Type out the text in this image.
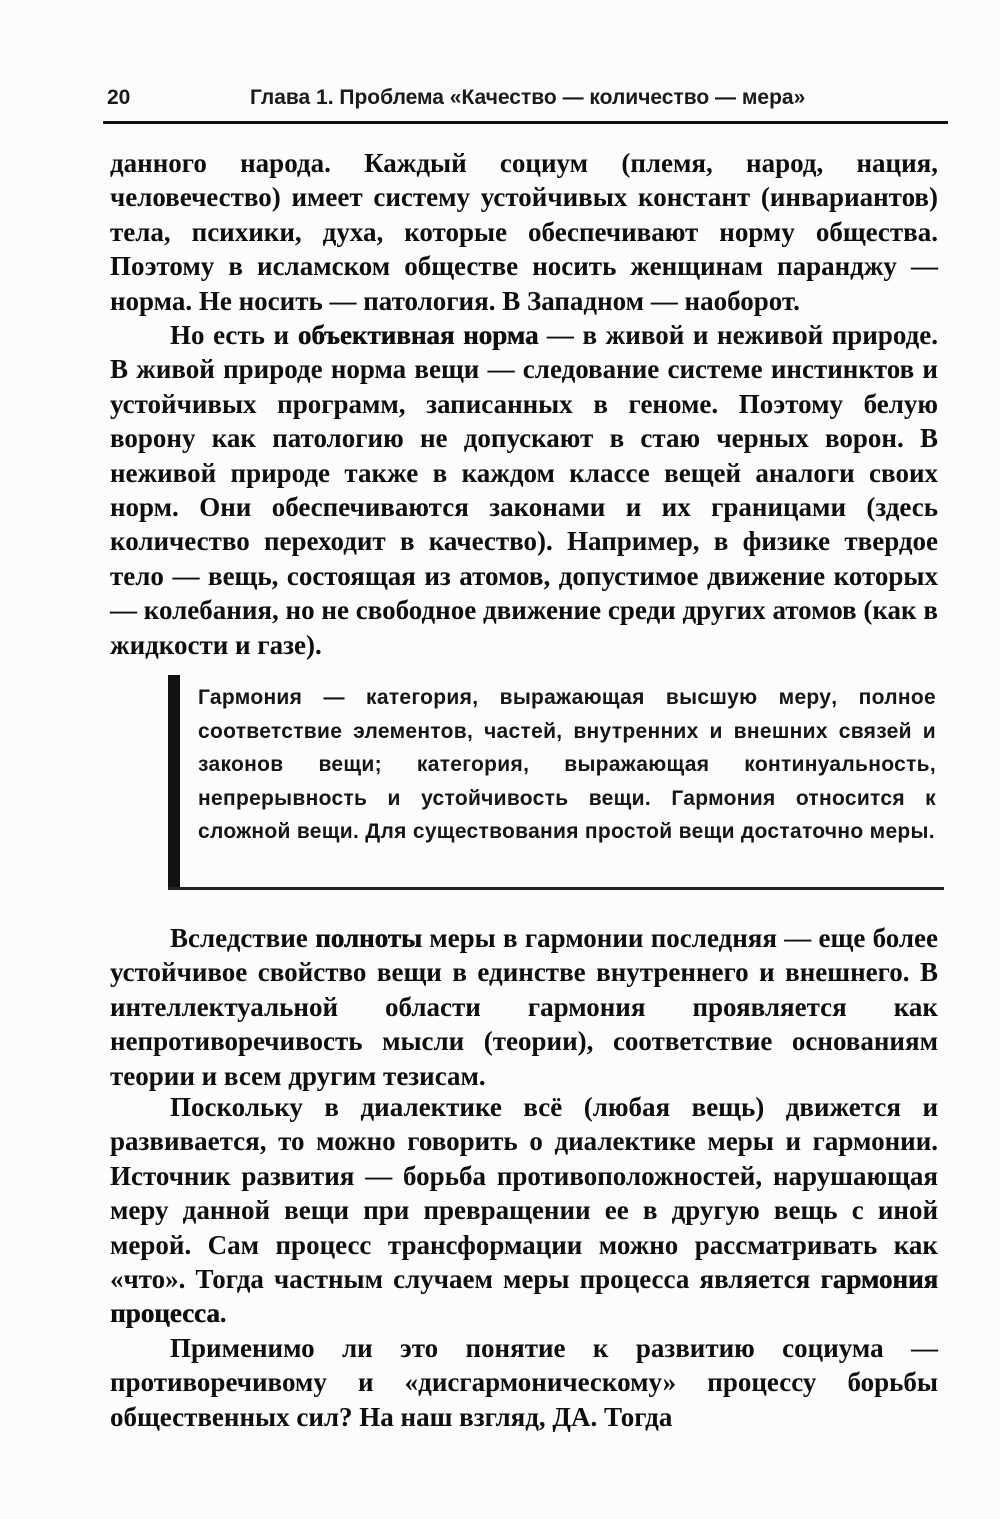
20	Глава 1. Проблема «Качество — количество — мера»

данного народа. Каждый социум (племя, народ, нация, человечество) имеет систему устойчивых констант (инвариантов) тела, психики, духа, которые обеспечивают норму общества. Поэтому в исламском обществе носить женщинам паранджу — норма. Не носить — патология. В Западном — наоборот.

Но есть и объективная норма — в живой и неживой природе. В живой природе норма вещи — следование системе инстинктов и устойчивых программ, записанных в геноме. Поэтому белую ворону как патологию не допускают в стаю черных ворон. В неживой природе также в каждом классе вещей аналоги своих норм. Они обеспечиваются законами и их границами (здесь количество переходит в качество). Например, в физике твердое тело — вещь, состоящая из атомов, допустимое движение которых — колебания, но не свободное движение среди других атомов (как в жидкости и газе).

Гармония — категория, выражающая высшую меру, полное соответствие элементов, частей, внутренних и внешних связей и законов вещи; категория, выражающая континуальность, непрерывность и устойчивость вещи. Гармония относится к сложной вещи. Для существования простой вещи достаточно меры.

Вследствие полноты меры в гармонии последняя — еще более устойчивое свойство вещи в единстве внутреннего и внешнего. В интеллектуальной области гармония проявляется как непротиворечивость мысли (теории), соответствие основаниям теории и всем другим тезисам.

Поскольку в диалектике всё (любая вещь) движется и развивается, то можно говорить о диалектике меры и гармонии. Источник развития — борьба противоположностей, нарушающая меру данной вещи при превращении ее в другую вещь с иной мерой. Сам процесс трансформации можно рассматривать как «что». Тогда частным случаем меры процесса является гармония процесса.

Применимо ли это понятие к развитию социума — противоречивому и «дисгармоническому» процессу борьбы общественных сил? На наш взгляд, ДА. Тогда
